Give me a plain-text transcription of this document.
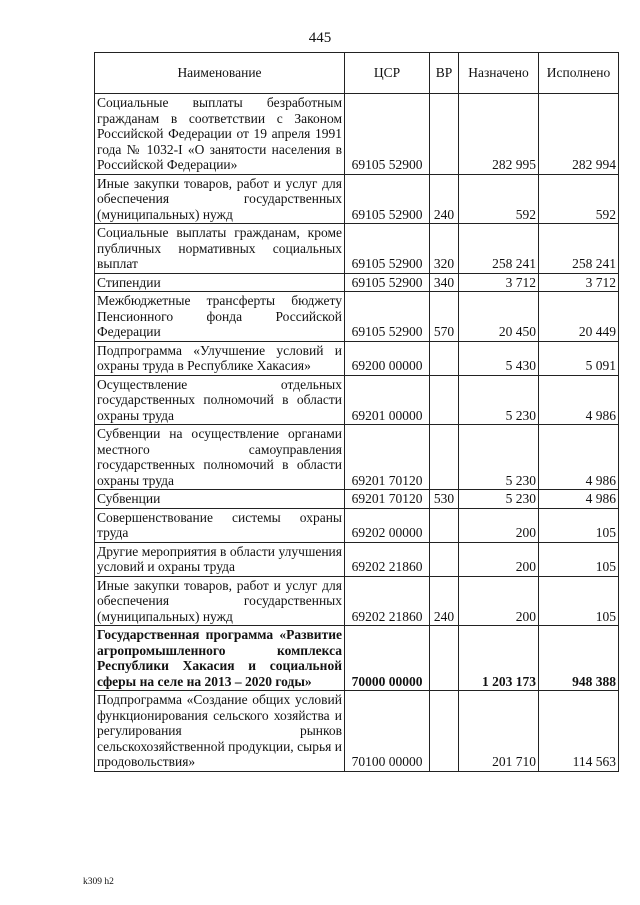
445
Наименование	ЦСР	ВР	Назначено	Исполнено
Социальные выплаты безработным гражданам в соответствии с Законом Российской Федерации от 19 апреля 1991 года № 1032-I «О занятости населения в Российской Федерации»	69105 52900		282 995	282 994
Иные закупки товаров, работ и услуг для обеспечения государственных (муниципальных) нужд	69105 52900	240	592	592
Социальные выплаты гражданам, кроме публичных нормативных социальных выплат	69105 52900	320	258 241	258 241
Стипендии	69105 52900	340	3 712	3 712
Межбюджетные трансферты бюджету Пенсионного фонда Российской Федерации	69105 52900	570	20 450	20 449
Подпрограмма «Улучшение условий и охраны труда в Республике Хакасия»	69200 00000		5 430	5 091
Осуществление отдельных государственных полномочий в области охраны труда	69201 00000		5 230	4 986
Субвенции на осуществление органами местного самоуправления государственных полномочий в области охраны труда	69201 70120		5 230	4 986
Субвенции	69201 70120	530	5 230	4 986
Совершенствование системы охраны труда	69202 00000		200	105
Другие мероприятия в области улучшения условий и охраны труда	69202 21860		200	105
Иные закупки товаров, работ и услуг для обеспечения государственных (муниципальных) нужд	69202 21860	240	200	105
Государственная программа «Развитие агропромышленного комплекса Республики Хакасия и социальной сферы на селе на 2013 – 2020 годы»	70000 00000		1 203 173	948 388
Подпрограмма «Создание общих условий функционирования сельского хозяйства и регулирования рынков сельскохозяйственной продукции, сырья и продовольствия»	70100 00000		201 710	114 563
k309 h2
